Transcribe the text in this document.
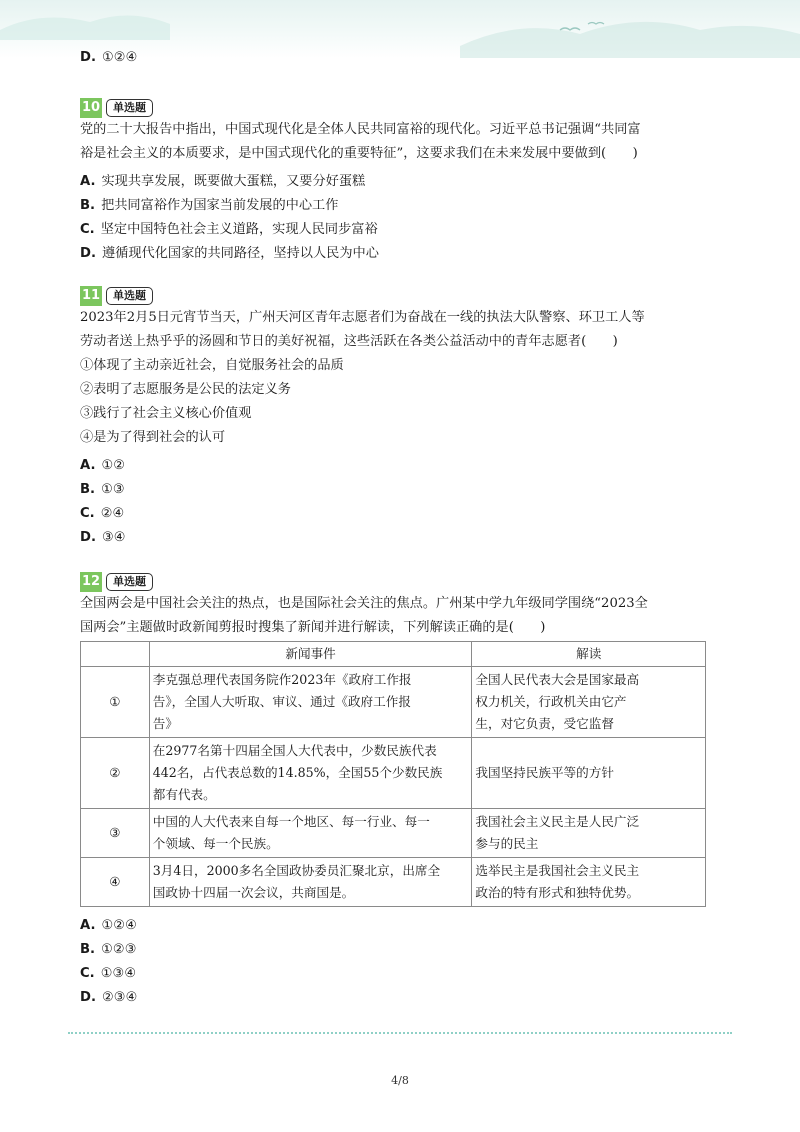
D. ①②④
10	单选题
党的二十大报告中指出，中国式现代化是全体人民共同富裕的现代化。习近平总书记强调“共同富
裕是社会主义的本质要求，是中国式现代化的重要特征”，这要求我们在未来发展中要做到(　　)
A. 实现共享发展，既要做大蛋糕，又要分好蛋糕
B. 把共同富裕作为国家当前发展的中心工作
C. 坚定中国特色社会主义道路，实现人民同步富裕
D. 遵循现代化国家的共同路径，坚持以人民为中心
11	单选题
2023年2月5日元宵节当天，广州天河区青年志愿者们为奋战在一线的执法大队警察、环卫工人等
劳动者送上热乎乎的汤圆和节日的美好祝福，这些活跃在各类公益活动中的青年志愿者(　　)
①体现了主动亲近社会，自觉服务社会的品质
②表明了志愿服务是公民的法定义务
③践行了社会主义核心价值观
④是为了得到社会的认可
A. ①②
B. ①③
C. ②④
D. ③④
12	单选题
全国两会是中国社会关注的热点，也是国际社会关注的焦点。广州某中学九年级同学围绕“2023全
国两会”主题做时政新闻剪报时搜集了新闻并进行解读，下列解读正确的是(　　)
	新闻事件	解读
①	李克强总理代表国务院作2023年《政府工作报
告》，全国人大听取、审议、通过《政府工作报
告》	全国人民代表大会是国家最高
权力机关，行政机关由它产
生，对它负责，受它监督
②	在2977名第十四届全国人大代表中，少数民族代表
442名，占代表总数的14.85%，全国55个少数民族
都有代表。	我国坚持民族平等的方针
③	中国的人大代表来自每一个地区、每一行业、每一
个领域、每一个民族。	我国社会主义民主是人民广泛
参与的民主
④	3月4日，2000多名全国政协委员汇聚北京，出席全
国政协十四届一次会议，共商国是。	选举民主是我国社会主义民主
政治的特有形式和独特优势。
A. ①②④
B. ①②③
C. ①③④
D. ②③④
4/8
